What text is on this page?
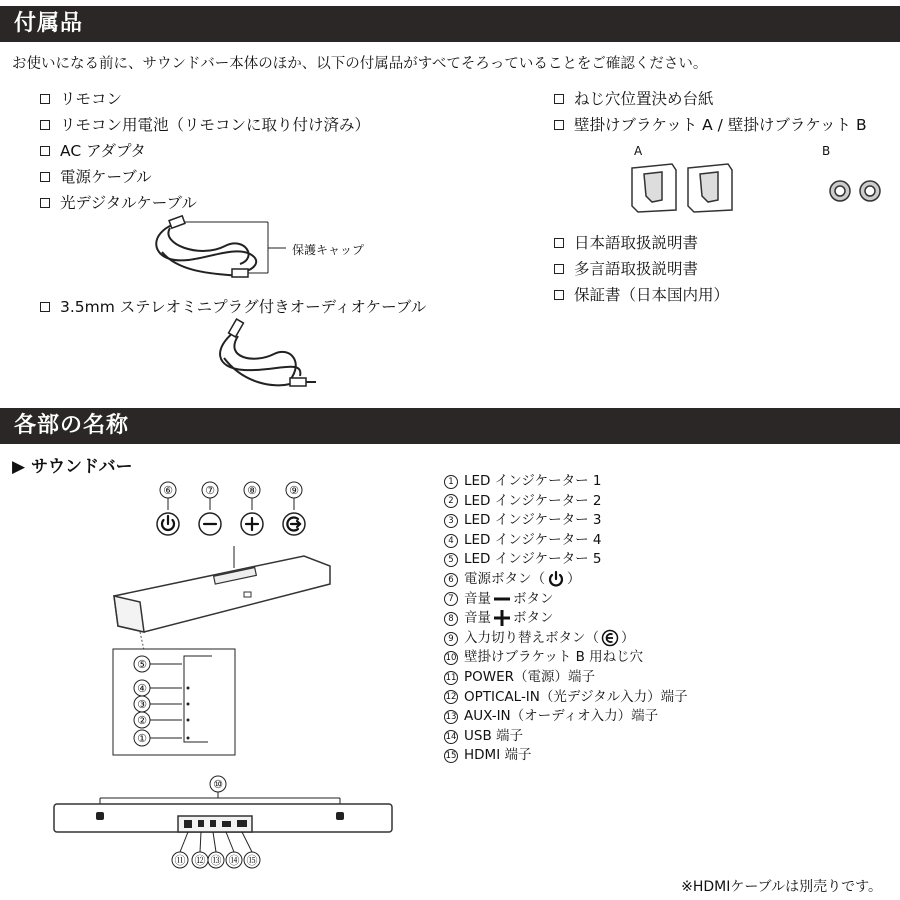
付属品
お使いになる前に、サウンドバー本体のほか、以下の付属品がすべてそろっていることをご確認ください。
リモコン
リモコン用電池（リモコンに取り付け済み）
AC アダプタ
電源ケーブル
光デジタルケーブル
保護キャップ
3.5mm ステレオミニプラグ付きオーディオケーブル
ねじ穴位置決め台紙
壁掛けブラケット A / 壁掛けブラケット B
A	B
日本語取扱説明書
多言語取扱説明書
保証書（日本国内用）
各部の名称
▶ サウンドバー
⑥	⑦	⑧	⑨
⑤
④
③
②
①
⑩
⑪ ⑫ ⑬ ⑭ ⑮
1 LED インジケーター 1
2 LED インジケーター 2
3 LED インジケーター 3
4 LED インジケーター 4
5 LED インジケーター 5
6 電源ボタン（ ）
7 音量 ボタン
8 音量 ボタン
9 入力切り替えボタン（ ）
10 壁掛けブラケット B 用ねじ穴
11 POWER（電源）端子
12 OPTICAL-IN（光デジタル入力）端子
13 AUX-IN（オーディオ入力）端子
14 USB 端子
15 HDMI 端子
※HDMIケーブルは別売りです。
